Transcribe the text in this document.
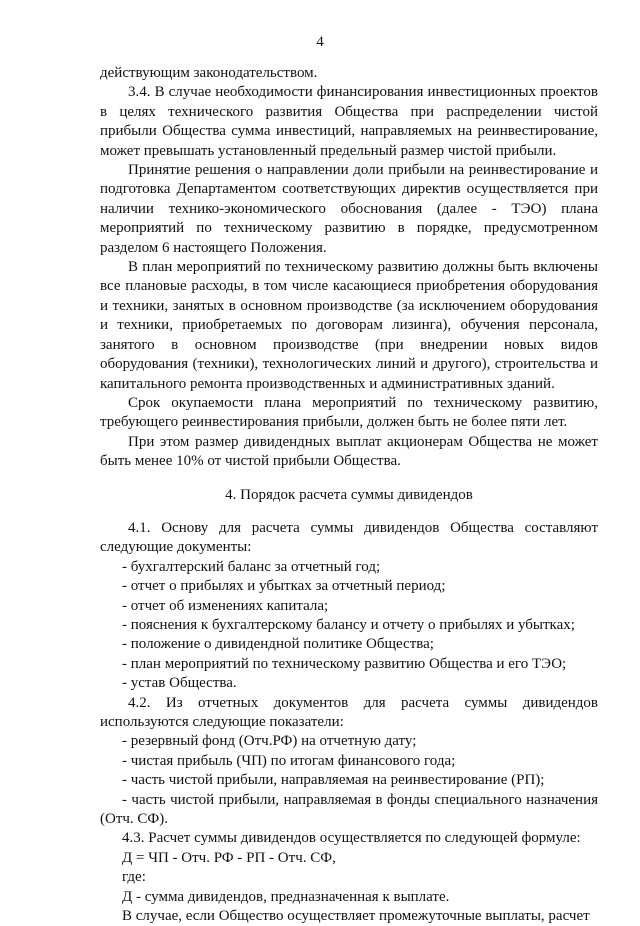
4

действующим законодательством.

3.4. В случае необходимости финансирования инвестиционных проектов в целях технического развития Общества при распределении чистой прибыли Общества сумма инвестиций, направляемых на реинвестирование, может превышать установленный предельный размер чистой прибыли.

Принятие решения о направлении доли прибыли на реинвестирование и подготовка Департаментом соответствующих директив осуществляется при наличии технико-экономического обоснования (далее - ТЭО) плана мероприятий по техническому развитию в порядке, предусмотренном разделом 6 настоящего Положения.

В план мероприятий по техническому развитию должны быть включены все плановые расходы, в том числе касающиеся приобретения оборудования и техники, занятых в основном производстве (за исключением оборудования и техники, приобретаемых по договорам лизинга), обучения персонала, занятого в основном производстве (при внедрении новых видов оборудования (техники), технологических линий и другого), строительства и капитального ремонта производственных и административных зданий.

Срок окупаемости плана мероприятий по техническому развитию, требующего реинвестирования прибыли, должен быть не более пяти лет.

При этом размер дивидендных выплат акционерам Общества не может быть менее 10% от чистой прибыли Общества.

4. Порядок расчета суммы дивидендов

4.1. Основу для расчета суммы дивидендов Общества составляют следующие документы:

- бухгалтерский баланс за отчетный год;

- отчет о прибылях и убытках за отчетный период;

- отчет об изменениях капитала;

- пояснения к бухгалтерскому балансу и отчету о прибылях и убытках;

- положение о дивидендной политике Общества;

- план мероприятий по техническому развитию Общества и его ТЭО;

- устав Общества.

4.2. Из отчетных документов для расчета суммы дивидендов используются следующие показатели:

- резервный фонд (Отч.РФ) на отчетную дату;

- чистая прибыль (ЧП) по итогам финансового года;

- часть чистой прибыли, направляемая на реинвестирование (РП);

- часть чистой прибыли, направляемая в фонды специального назначения (Отч. СФ).

4.3. Расчет суммы дивидендов осуществляется по следующей формуле:

Д = ЧП - Отч. РФ - РП - Отч. СФ,

где:

Д - сумма дивидендов, предназначенная к выплате.

В случае, если Общество осуществляет промежуточные выплаты, расчет
